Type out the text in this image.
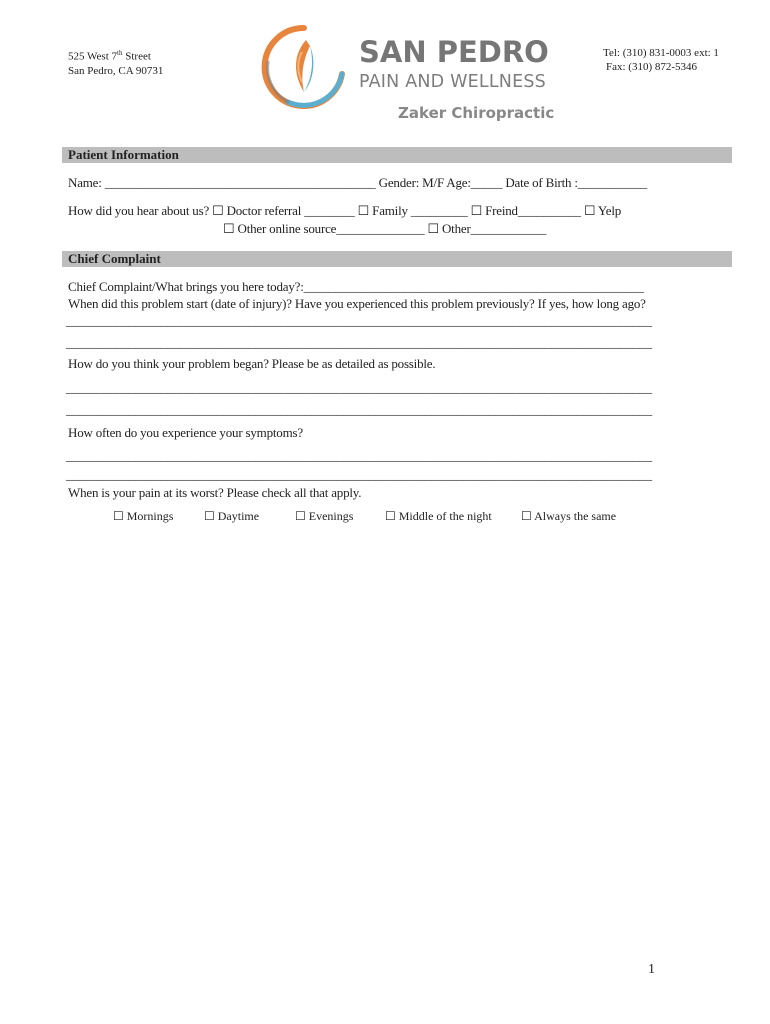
525 West 7th Street
San Pedro, CA 90731
Tel: (310) 831-0003 ext: 1
Fax: (310) 872-5346
SAN PEDRO
PAIN AND WELLNESS
Zaker Chiropractic
Patient Information
Name: ___________________________________________ Gender: M/F Age:_____ Date of Birth :___________
How did you hear about us? ☐ Doctor referral ________ ☐ Family _________ ☐ Freind__________ ☐ Yelp
☐ Other online source______________ ☐ Other____________
Chief Complaint
Chief Complaint/What brings you here today?:______________________________________________________
When did this problem start (date of injury)? Have you experienced this problem previously? If yes, how long ago?
_____________________________________________________________________________________________
_____________________________________________________________________________________________
How do you think your problem began? Please be as detailed as possible.
_____________________________________________________________________________________________
_____________________________________________________________________________________________
How often do you experience your symptoms?
_____________________________________________________________________________________________
_____________________________________________________________________________________________
When is your pain at its worst? Please check all that apply.
☐ Mornings	☐ Daytime	☐ Evenings	☐ Middle of the night ☐ Always the same
1
